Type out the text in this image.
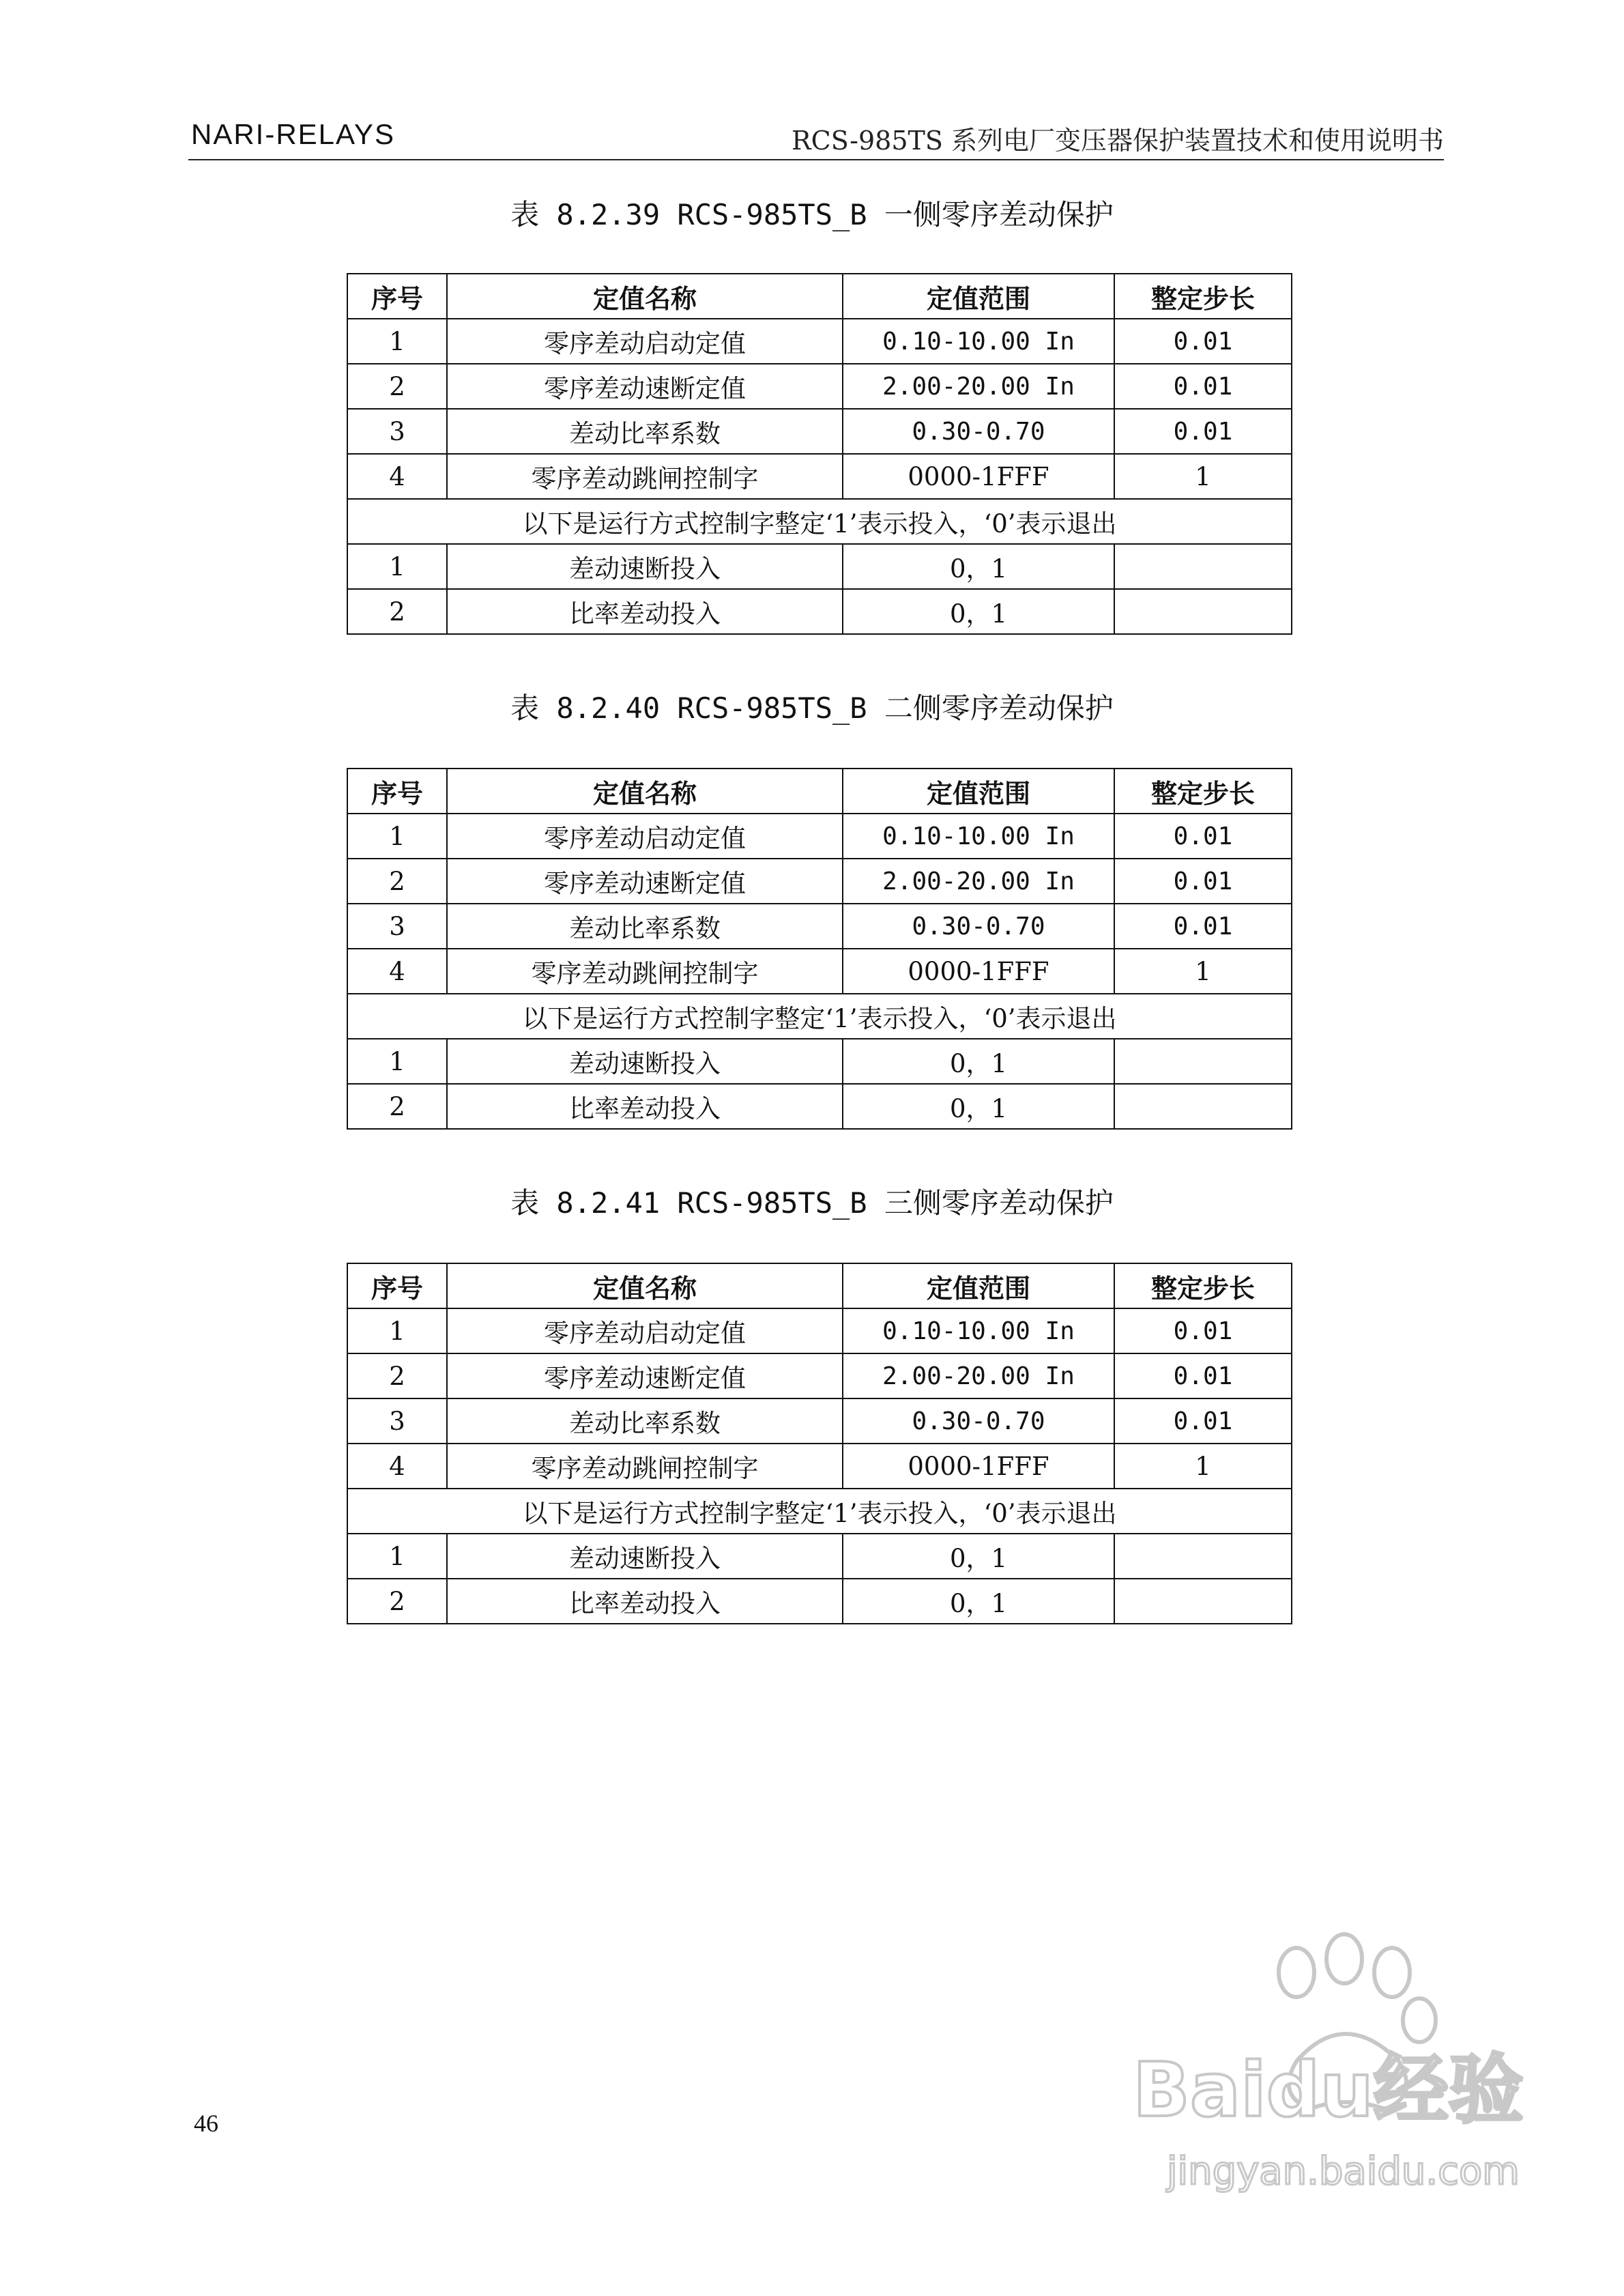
NARI-RELAYS	RCS-985TS 系列电厂变压器保护装置技术和使用说明书
表 8.2.39 RCS-985TS_B 一侧零序差动保护
序号	定值名称	定值范围	整定步长
1	零序差动启动定值	0.10-10.00 In	0.01
2	零序差动速断定值	2.00-20.00 In	0.01
3	差动比率系数	0.30-0.70	0.01
4	零序差动跳闸控制字	0000-1FFF	1
以下是运行方式控制字整定‘1’表示投入，‘0’表示退出			
1	差动速断投入	0，1	
2	比率差动投入	0，1	
表 8.2.40 RCS-985TS_B 二侧零序差动保护
序号	定值名称	定值范围	整定步长
1	零序差动启动定值	0.10-10.00 In	0.01
2	零序差动速断定值	2.00-20.00 In	0.01
3	差动比率系数	0.30-0.70	0.01
4	零序差动跳闸控制字	0000-1FFF	1
以下是运行方式控制字整定‘1’表示投入，‘0’表示退出			
1	差动速断投入	0，1	
2	比率差动投入	0，1	
表 8.2.41 RCS-985TS_B 三侧零序差动保护
序号	定值名称	定值范围	整定步长
1	零序差动启动定值	0.10-10.00 In	0.01
2	零序差动速断定值	2.00-20.00 In	0.01
3	差动比率系数	0.30-0.70	0.01
4	零序差动跳闸控制字	0000-1FFF	1
以下是运行方式控制字整定‘1’表示投入，‘0’表示退出			
1	差动速断投入	0，1	
2	比率差动投入	0，1	
46	Baidu经验
jingyan.baidu.com
